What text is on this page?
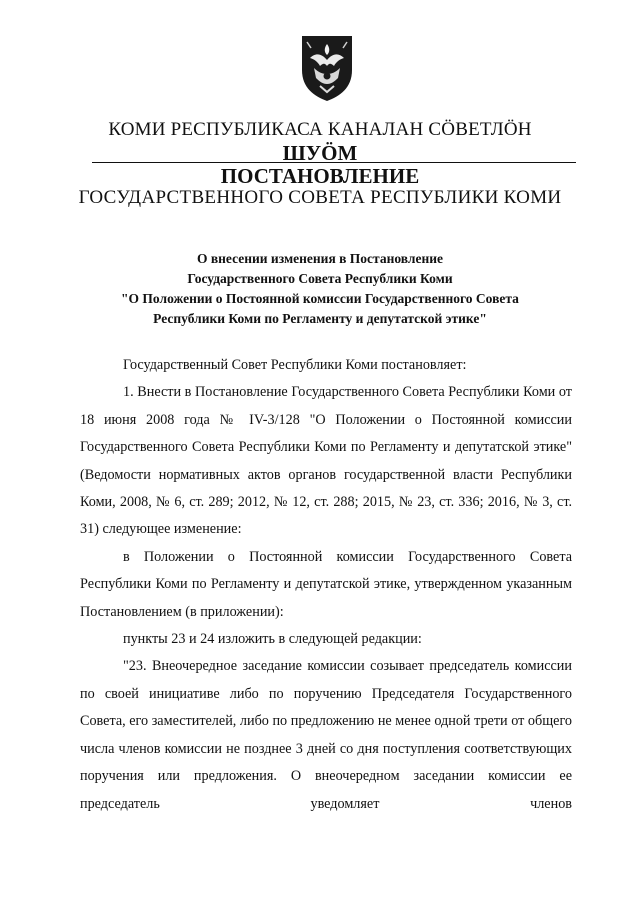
КОМИ РЕСПУБЛИКАСА КАНАЛАН СÖВЕТЛÖН
ШУÖМ
ПОСТАНОВЛЕНИЕ
ГОСУДАРСТВЕННОГО СОВЕТА РЕСПУБЛИКИ КОМИ
О внесении изменения в Постановление
Государственного Совета Республики Коми
"О Положении о Постоянной комиссии Государственного Совета
Республики Коми по Регламенту и депутатской этике"

Государственный Совет Республики Коми постановляет:

1. Внести в Постановление Государственного Совета Республики Коми от 18 июня 2008 года № IV-3/128 "О Положении о Постоянной комиссии Государственного Совета Республики Коми по Регламенту и депутатской этике" (Ведомости нормативных актов органов государственной власти Республики Коми, 2008, № 6, ст. 289; 2012, № 12, ст. 288; 2015, № 23, ст. 336; 2016, № 3, ст. 31) следующее изменение:

в Положении о Постоянной комиссии Государственного Совета Республики Коми по Регламенту и депутатской этике, утвержденном указанным Постановлением (в приложении):

пункты 23 и 24 изложить в следующей редакции:

"23. Внеочередное заседание комиссии созывает председатель комиссии по своей инициативе либо по поручению Председателя Государственного Совета, его заместителей, либо по предложению не менее одной трети от общего числа членов комиссии не позднее 3 дней со дня поступления соответствующих поручения или предложения. О внеочередном заседании комиссии ее председатель уведомляет членов
